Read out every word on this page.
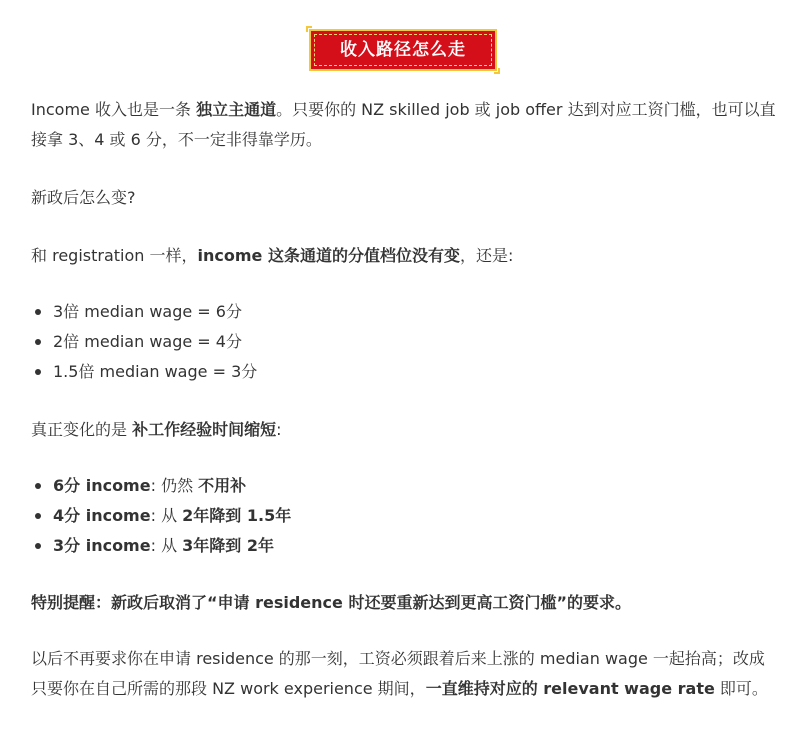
收入路径怎么走

Income 收入也是一条 独立主通道。只要你的 NZ skilled job 或 job offer 达到对应工资门槛，也可以直接拿 3、4 或 6 分，不一定非得靠学历。

新政后怎么变?

和 registration 一样，income 这条通道的分值档位没有变，还是:

3倍 median wage = 6分
2倍 median wage = 4分
1.5倍 median wage = 3分

真正变化的是 补工作经验时间缩短:

6分 income: 仍然 不用补
4分 income: 从 2年降到 1.5年
3分 income: 从 3年降到 2年

特别提醒：新政后取消了“申请 residence 时还要重新达到更高工资门槛”的要求。

以后不再要求你在申请 residence 的那一刻，工资必须跟着后来上涨的 median wage 一起抬高；改成只要你在自己所需的那段 NZ work experience 期间，一直维持对应的 relevant wage rate 即可。
